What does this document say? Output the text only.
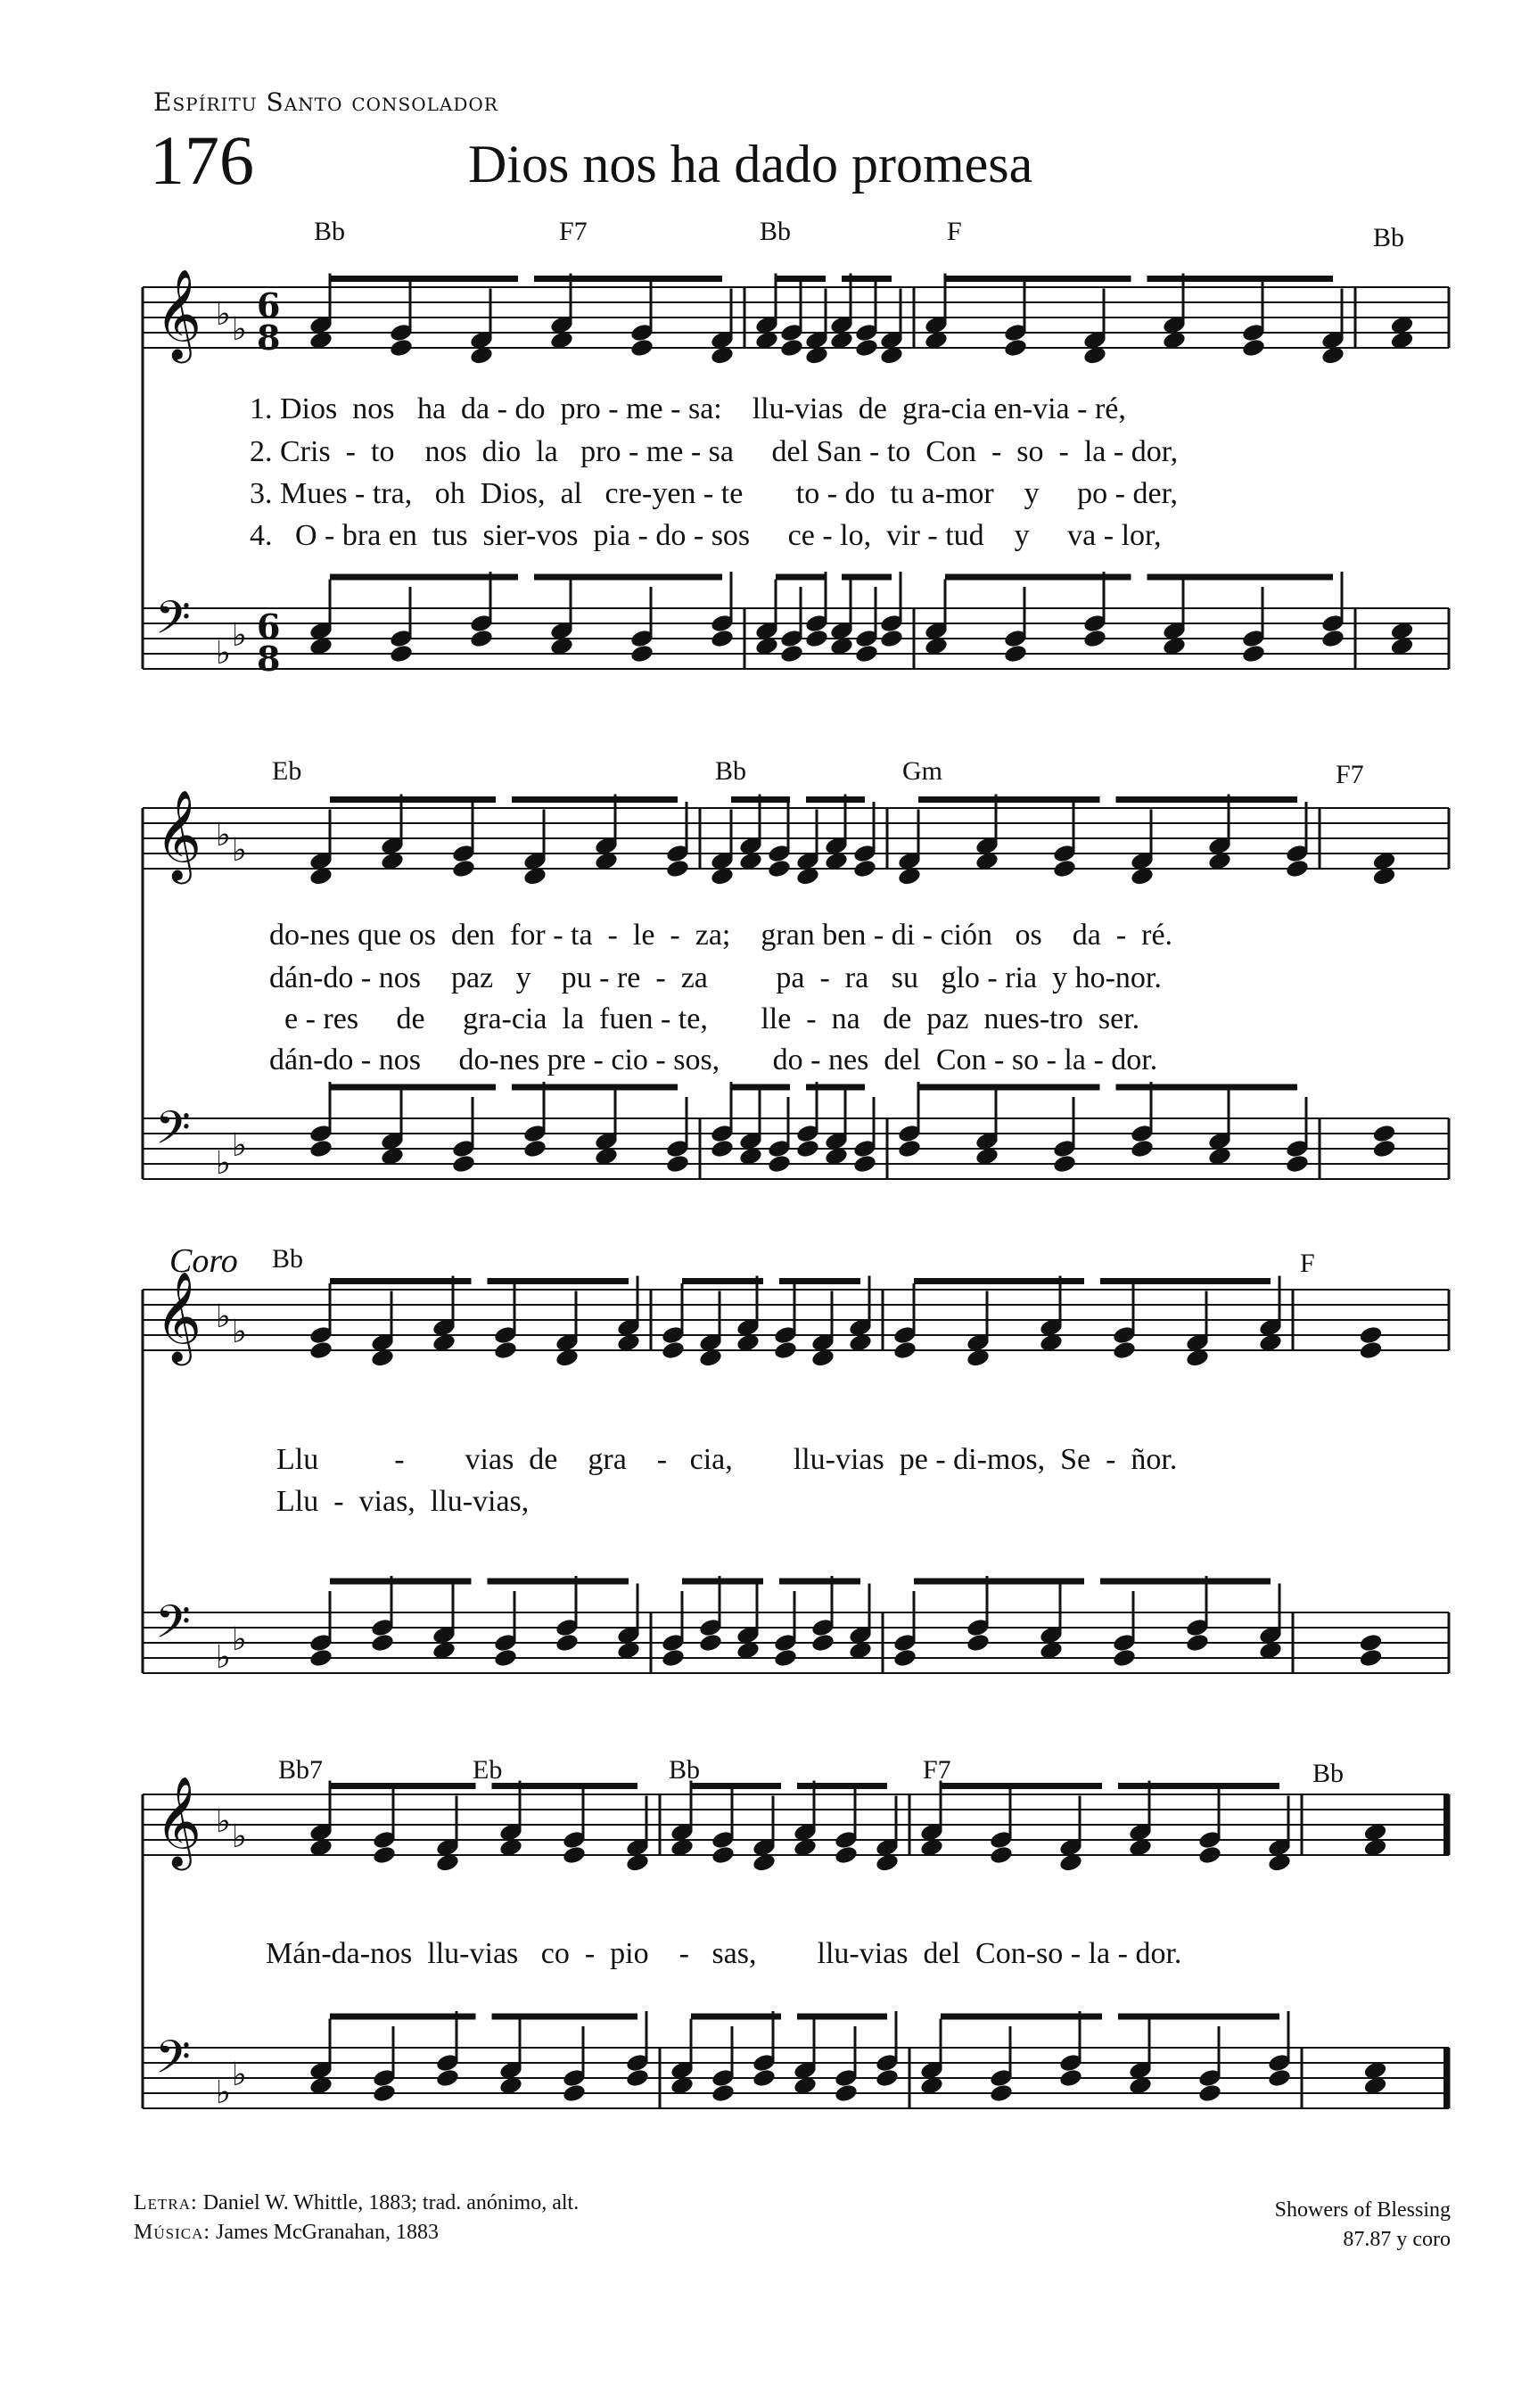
Espíritu Santo consolador
176	Dios nos ha dado promesa
𝄞 ♭ ♭
6
8
𝄢 ♭ ♭ 6
8
𝄞 ♭ ♭
𝄢 ♭ ♭
𝄞 ♭ ♭
𝄢 ♭ ♭
𝄞 ♭ ♭
𝄢 ♭ ♭
Bb	F7	Bb	F	Bb
1. Dios  nos   ha  da - do  pro - me - sa:    llu-vias  de  gra-cia en-via - ré,
2. Cris  -  to    nos  dio  la   pro - me - sa     del San - to  Con  -  so  -  la - dor,
3. Mues - tra,   oh  Dios,  al   cre-yen - te       to - do  tu a-mor    y     po - der,
4.   O - bra en  tus  sier-vos  pia - do - sos     ce - lo,  vir - tud    y     va - lor,
Eb	Bb	Gm	F7
do-nes que os  den  for - ta  -  le  -  za;    gran ben - di - ción   os    da  -  ré.
dán-do - nos    paz   y    pu - re  -  za         pa  -  ra   su   glo - ria  y ho-nor.
e - res     de     gra-cia  la  fuen - te,       lle  -  na   de  paz  nues-tro  ser.
dán-do - nos     do-nes pre - cio - sos,       do - nes  del  Con - so - la - dor.
Coro Bb	F
Llu          -        vias  de    gra    -   cia,        llu-vias  pe - di-mos,  Se  -  ñor.
Llu  -  vias,  llu-vias,
Bb7	Eb	Bb	F7	Bb
Mán-da-nos  llu-vias   co  -  pio    -   sas,        llu-vias  del  Con-so - la - dor.
Letra: Daniel W. Whittle, 1883; trad. anónimo, alt.
Música: James McGranahan, 1883
Showers of Blessing
87.87 y coro
